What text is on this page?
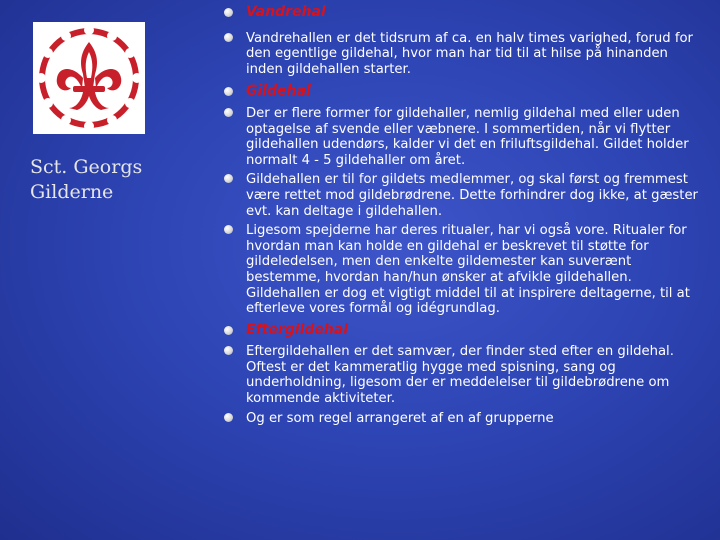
Sct. Georgs
Gilderne
Vandrehal
Vandrehallen er det tidsrum af ca. en halv times varighed, forud for den egentlige gildehal, hvor man har tid til at hilse på hinanden inden gildehallen starter.
Gildehal
Der er flere former for gildehaller, nemlig gildehal med eller uden optagelse af svende eller væbnere. I sommertiden, når vi flytter gildehallen udendørs, kalder vi det en friluftsgildehal. Gildet holder normalt 4 - 5 gildehaller om året.
Gildehallen er til for gildets medlemmer, og skal først og fremmest være rettet mod gildebrødrene. Dette forhindrer dog ikke, at gæster evt. kan deltage i gildehallen.
Ligesom spejderne har deres ritualer, har vi også vore. Ritualer for hvordan man kan holde en gildehal er beskrevet til støtte for gildeledelsen, men den enkelte gildemester kan suverænt bestemme, hvordan han/hun ønsker at afvikle gildehallen. Gildehallen er dog et vigtigt middel til at inspirere deltagerne, til at efterleve vores formål og idégrundlag.
Eftergildehal
Eftergildehallen er det samvær, der finder sted efter en gildehal. Oftest er det kammeratlig hygge med spisning, sang og underholdning, ligesom der er meddelelser til gildebrødrene om kommende aktiviteter.
Og er som regel arrangeret af en af grupperne
